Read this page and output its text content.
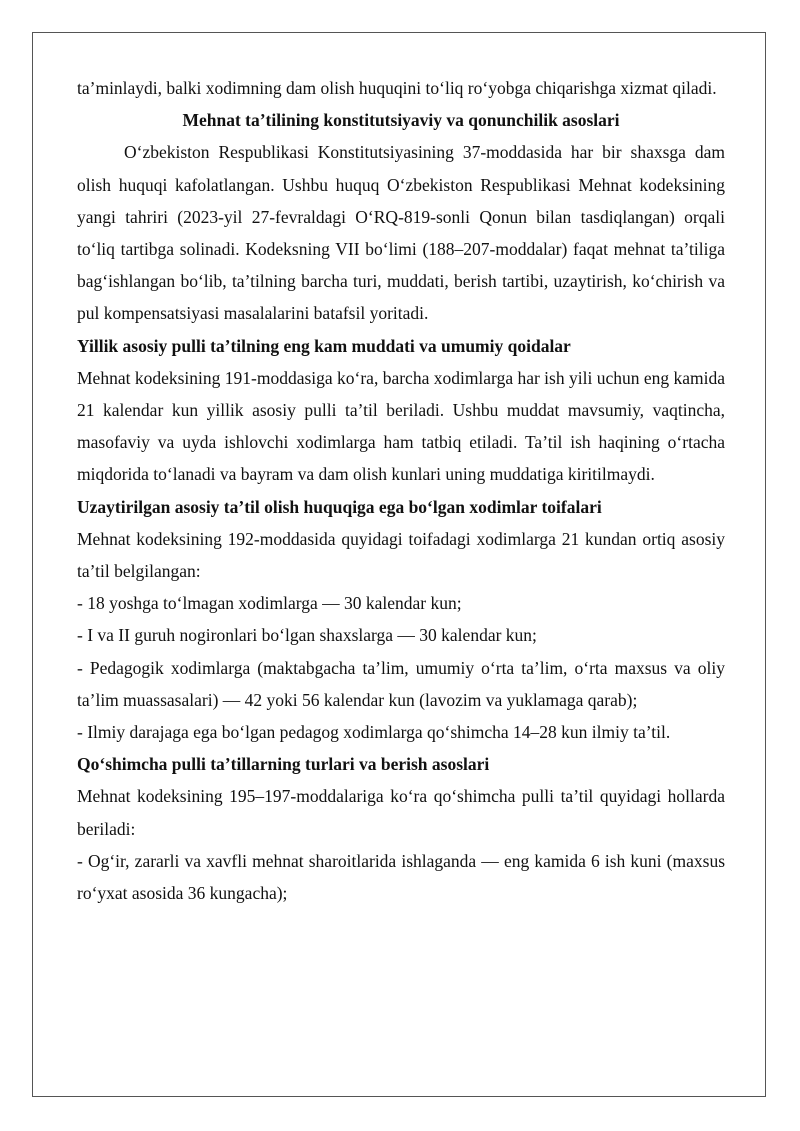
ta’minlaydi, balki xodimning dam olish huquqini to‘liq ro‘yobga chiqarishga xizmat qiladi.

Mehnat ta’tilining konstitutsiyaviy va qonunchilik asoslari

O‘zbekiston Respublikasi Konstitutsiyasining 37-moddasida har bir shaxsga dam olish huquqi kafolatlangan. Ushbu huquq O‘zbekiston Respublikasi Mehnat kodeksining yangi tahriri (2023-yil 27-fevraldagi O‘RQ-819-sonli Qonun bilan tasdiqlangan) orqali to‘liq tartibga solinadi. Kodeksning VII bo‘limi (188–207-moddalar) faqat mehnat ta’tiliga bag‘ishlangan bo‘lib, ta’tilning barcha turi, muddati, berish tartibi, uzaytirish, ko‘chirish va pul kompensatsiyasi masalalarini batafsil yoritadi.

Yillik asosiy pulli ta’tilning eng kam muddati va umumiy qoidalar

Mehnat kodeksining 191-moddasiga ko‘ra, barcha xodimlarga har ish yili uchun eng kamida 21 kalendar kun yillik asosiy pulli ta’til beriladi. Ushbu muddat mavsumiy, vaqtincha, masofaviy va uyda ishlovchi xodimlarga ham tatbiq etiladi. Ta’til ish haqining o‘rtacha miqdorida to‘lanadi va bayram va dam olish kunlari uning muddatiga kiritilmaydi.

Uzaytirilgan asosiy ta’til olish huquqiga ega bo‘lgan xodimlar toifalari

Mehnat kodeksining 192-moddasida quyidagi toifadagi xodimlarga 21 kundan ortiq asosiy ta’til belgilangan:

- 18 yoshga to‘lmagan xodimlarga — 30 kalendar kun;

- I va II guruh nogironlari bo‘lgan shaxslarga — 30 kalendar kun;

- Pedagogik xodimlarga (maktabgacha ta’lim, umumiy o‘rta ta’lim, o‘rta maxsus va oliy ta’lim muassasalari) — 42 yoki 56 kalendar kun (lavozim va yuklamaga qarab);

- Ilmiy darajaga ega bo‘lgan pedagog xodimlarga qo‘shimcha 14–28 kun ilmiy ta’til.

Qo‘shimcha pulli ta’tillarning turlari va berish asoslari

Mehnat kodeksining 195–197-moddalariga ko‘ra qo‘shimcha pulli ta’til quyidagi hollarda beriladi:

- Og‘ir, zararli va xavfli mehnat sharoitlarida ishlaganda — eng kamida 6 ish kuni (maxsus ro‘yxat asosida 36 kungacha);
